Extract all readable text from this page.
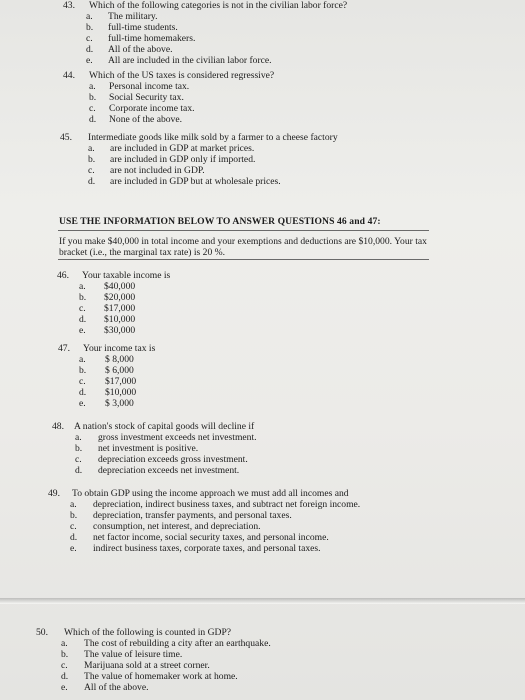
43. Which of the following categories is not in the civilian labor force?
a. The military.
b. full-time students.
c. full-time homemakers.
d. All of the above.
e. All are included in the civilian labor force.
44. Which of the US taxes is considered regressive?
a. Personal income tax.
b. Social Security tax.
c. Corporate income tax.
d. None of the above.
45. Intermediate goods like milk sold by a farmer to a cheese factory
a. are included in GDP at market prices.
b. are included in GDP only if imported.
c. are not included in GDP.
d. are included in GDP but at wholesale prices.
USE THE INFORMATION BELOW TO ANSWER QUESTIONS 46 and 47:
If you make $40,000 in total income and your exemptions and deductions are $10,000. Your tax
bracket (i.e., the marginal tax rate) is 20 %.
46. Your taxable income is
a. $40,000
b. $20,000
c. $17,000
d. $10,000
e. $30,000
47. Your income tax is
a. $ 8,000
b. $ 6,000
c. $17,000
d. $10,000
e. $ 3,000
48. A nation's stock of capital goods will decline if
a. gross investment exceeds net investment.
b. net investment is positive.
c. depreciation exceeds gross investment.
d. depreciation exceeds net investment.
49. To obtain GDP using the income approach we must add all incomes and
a. depreciation, indirect business taxes, and subtract net foreign income.
b. depreciation, transfer payments, and personal taxes.
c. consumption, net interest, and depreciation.
d. net factor income, social security taxes, and personal income.
e. indirect business taxes, corporate taxes, and personal taxes.
50. Which of the following is counted in GDP?
a. The cost of rebuilding a city after an earthquake.
b. The value of leisure time.
c. Marijuana sold at a street corner.
d. The value of homemaker work at home.
e. All of the above.
